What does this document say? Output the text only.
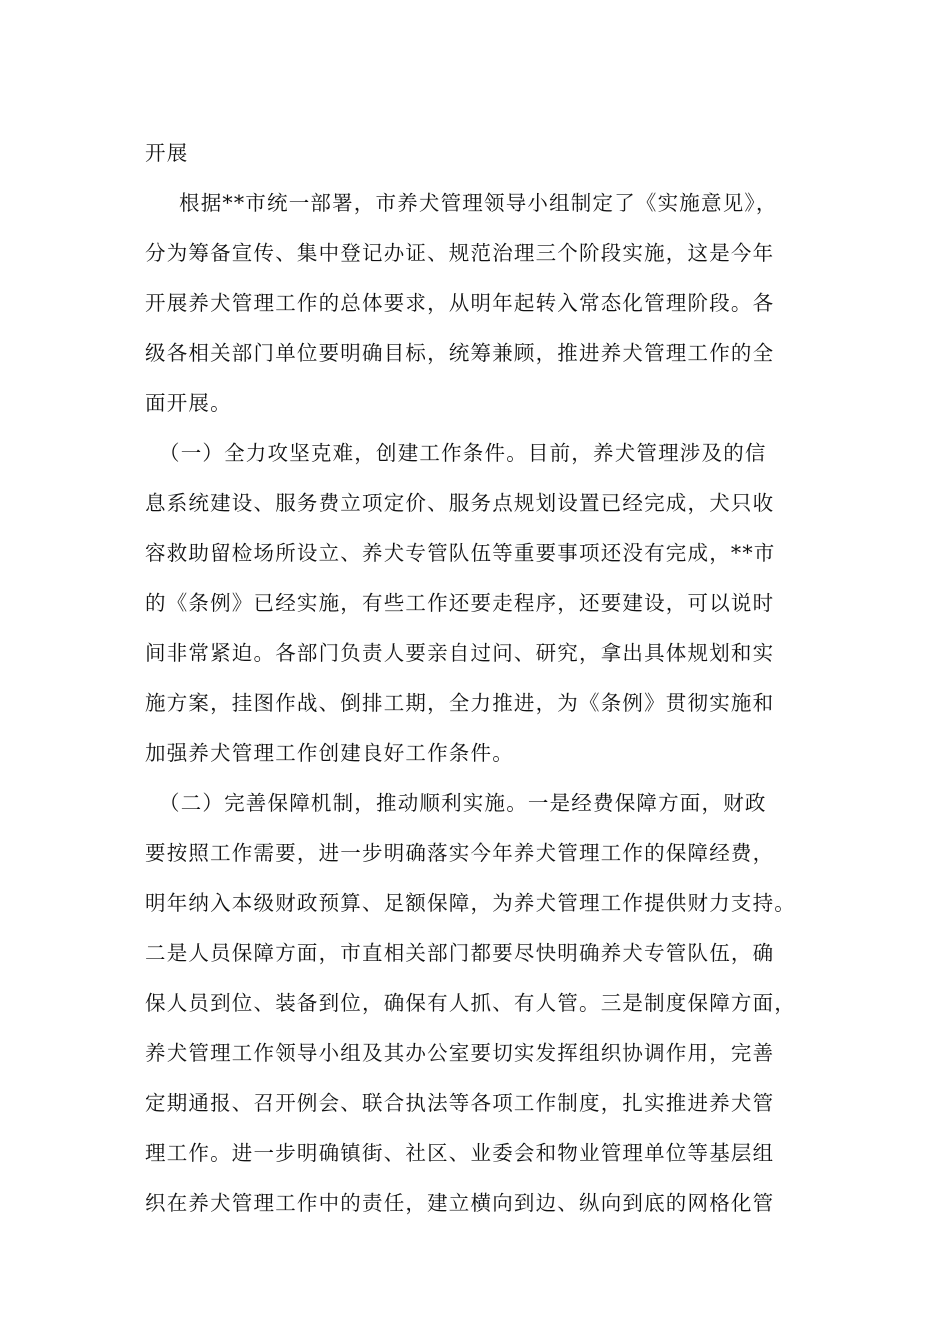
开展
根据**市统一部署，市养犬管理领导小组制定了《实施意见》，
分为筹备宣传、集中登记办证、规范治理三个阶段实施，这是今年
开展养犬管理工作的总体要求，从明年起转入常态化管理阶段。各
级各相关部门单位要明确目标，统筹兼顾，推进养犬管理工作的全
面开展。
（一）全力攻坚克难，创建工作条件。目前，养犬管理涉及的信
息系统建设、服务费立项定价、服务点规划设置已经完成，犬只收
容救助留检场所设立、养犬专管队伍等重要事项还没有完成，**市
的《条例》已经实施，有些工作还要走程序，还要建设，可以说时
间非常紧迫。各部门负责人要亲自过问、研究，拿出具体规划和实
施方案，挂图作战、倒排工期，全力推进，为《条例》贯彻实施和
加强养犬管理工作创建良好工作条件。
（二）完善保障机制，推动顺利实施。一是经费保障方面，财政
要按照工作需要，进一步明确落实今年养犬管理工作的保障经费，
明年纳入本级财政预算、足额保障，为养犬管理工作提供财力支持。
二是人员保障方面，市直相关部门都要尽快明确养犬专管队伍，确
保人员到位、装备到位，确保有人抓、有人管。三是制度保障方面，
养犬管理工作领导小组及其办公室要切实发挥组织协调作用，完善
定期通报、召开例会、联合执法等各项工作制度，扎实推进养犬管
理工作。进一步明确镇街、社区、业委会和物业管理单位等基层组
织在养犬管理工作中的责任，建立横向到边、纵向到底的网格化管
